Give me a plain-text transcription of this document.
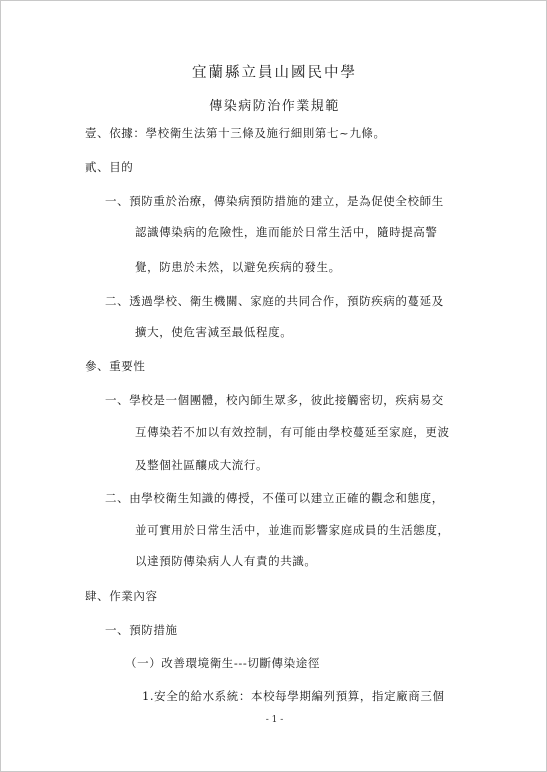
宜蘭縣立員山國民中學
傳染病防治作業規範
壹、依據：學校衛生法第十三條及施行細則第七~九條。
貳、目的
一、預防重於治療，傳染病預防措施的建立，是為促使全校師生
認識傳染病的危險性，進而能於日常生活中，隨時提高警
覺，防患於未然，以避免疾病的發生。
二、透過學校、衛生機關、家庭的共同合作，預防疾病的蔓延及
擴大，使危害減至最低程度。
參、重要性
一、學校是一個團體，校內師生眾多，彼此接觸密切，疾病易交
互傳染若不加以有效控制，有可能由學校蔓延至家庭，更波
及整個社區釀成大流行。
二、由學校衛生知識的傳授，不僅可以建立正確的觀念和態度，
並可實用於日常生活中，並進而影響家庭成員的生活態度，
以達預防傳染病人人有責的共識。
肆、作業內容
一、預防措施
（一）改善環境衛生---切斷傳染途徑
1.安全的給水系統：本校每學期編列預算，指定廠商三個
- 1 -
